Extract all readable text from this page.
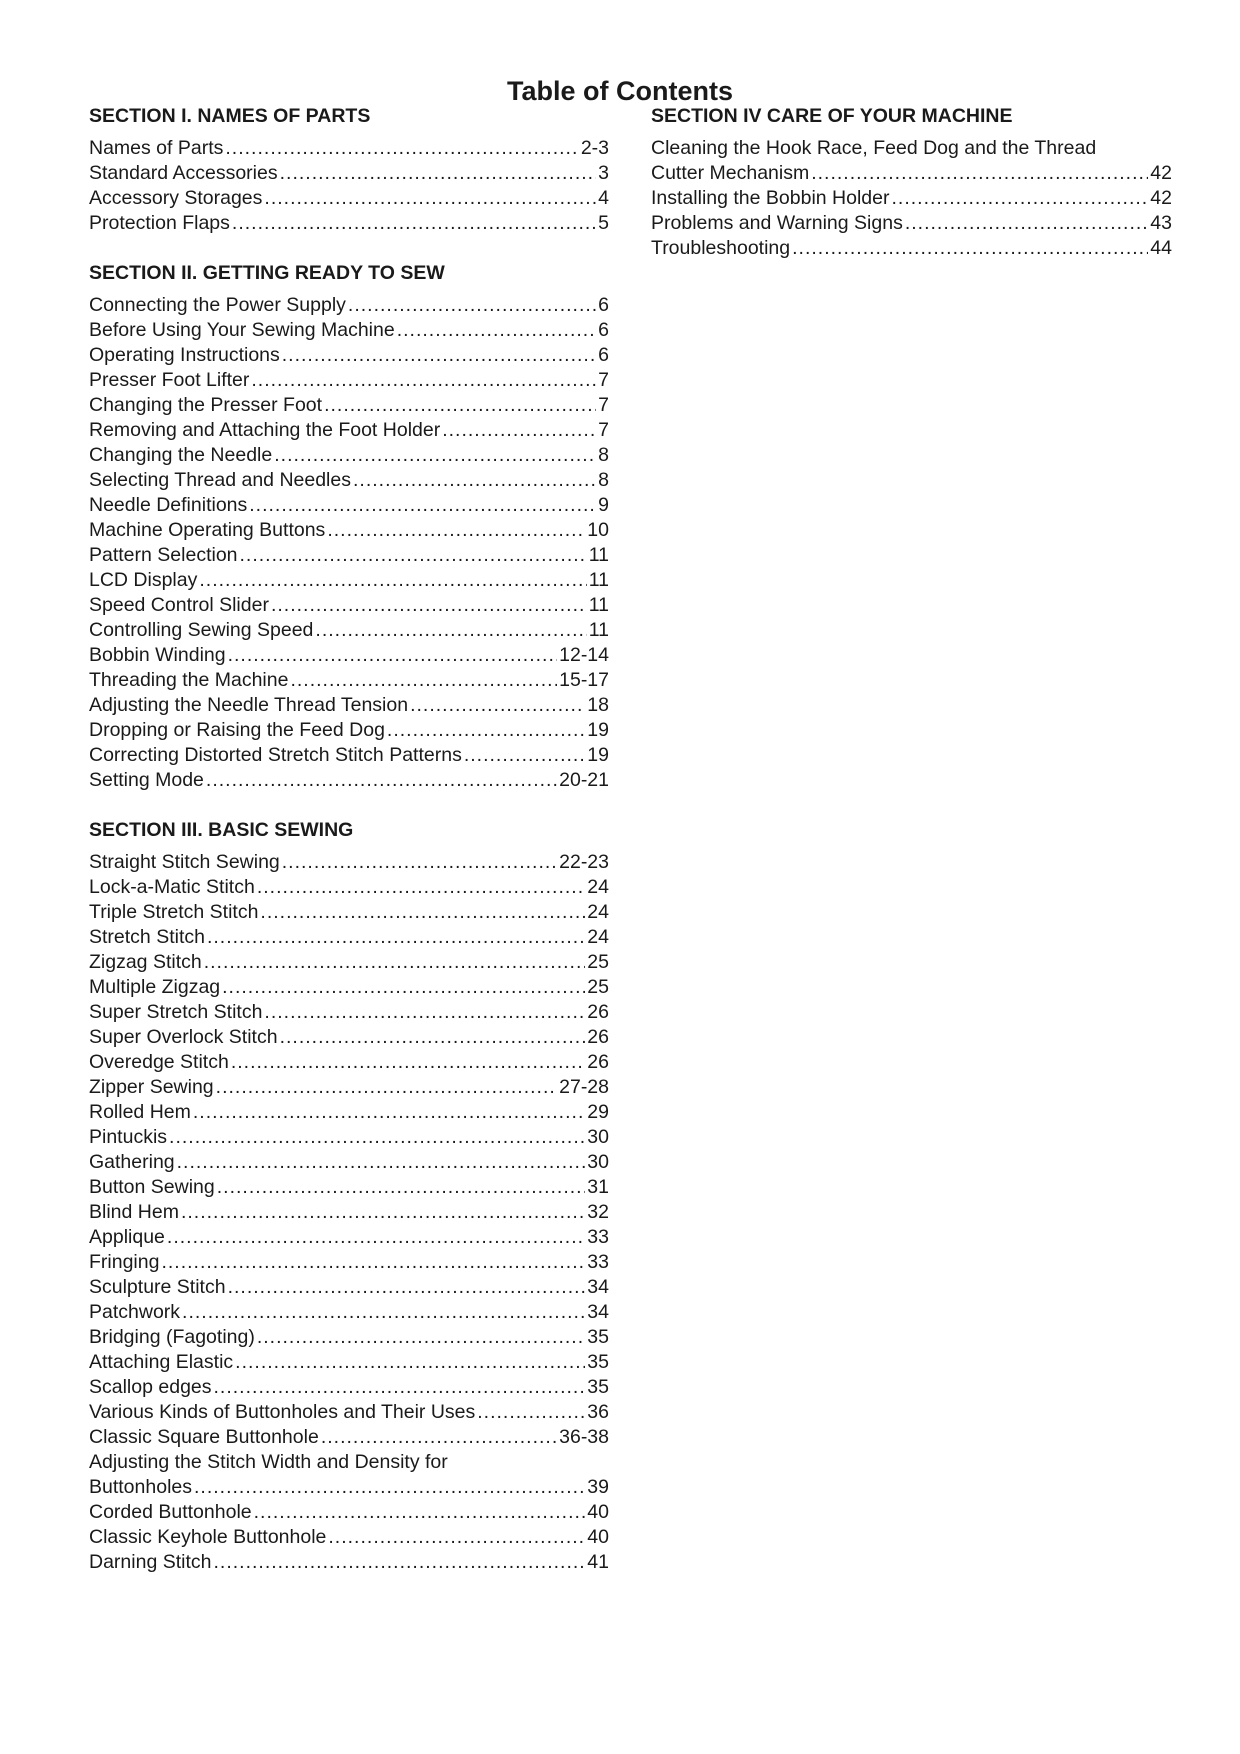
Table of Contents
SECTION I. NAMES OF PARTS
Names of Parts .....	2-3
Standard Accessories .....	3
Accessory Storages .....	4
Protection Flaps .....	5
SECTION II. GETTING READY TO SEW
Connecting the Power Supply .....	6
Before Using Your Sewing Machine .....	6
Operating Instructions .....	6
Presser Foot Lifter .....	7
Changing the Presser Foot .....	7
Removing and Attaching the Foot Holder .....	7
Changing the Needle .....	8
Selecting Thread and Needles .....	8
Needle Definitions .....	9
Machine Operating Buttons .....	10
Pattern Selection .....	11
LCD Display .....	11
Speed Control Slider .....	11
Controlling Sewing Speed .....	11
Bobbin Winding .....	12-14
Threading the Machine .....	15-17
Adjusting the Needle Thread Tension .....	18
Dropping or Raising the Feed Dog .....	19
Correcting Distorted Stretch Stitch Patterns .....	19
Setting Mode .....	20-21
SECTION III. BASIC SEWING
Straight Stitch Sewing .....	22-23
Lock-a-Matic Stitch .....	24
Triple Stretch Stitch .....	24
Stretch Stitch .....	24
Zigzag Stitch .....	25
Multiple Zigzag .....	25
Super Stretch Stitch .....	26
Super Overlock Stitch .....	26
Overedge Stitch .....	26
Zipper Sewing .....	27-28
Rolled Hem .....	29
Pintuckis .....	30
Gathering .....	30
Button Sewing .....	31
Blind Hem .....	32
Applique .....	33
Fringing .....	33
Sculpture Stitch .....	34
Patchwork .....	34
Bridging (Fagoting) .....	35
Attaching Elastic .....	35
Scallop edges .....	35
Various Kinds of Buttonholes and Their Uses .....	36
Classic Square Buttonhole .....	36-38
Adjusting the Stitch Width and Density for
Buttonholes .....	39
Corded Buttonhole .....	40
Classic Keyhole Buttonhole .....	40
Darning Stitch .....	41
SECTION IV CARE OF YOUR MACHINE
Cleaning the Hook Race, Feed Dog and the Thread
Cutter Mechanism .....	42
Installing the Bobbin Holder .....	42
Problems and Warning Signs .....	43
Troubleshooting .....	44
